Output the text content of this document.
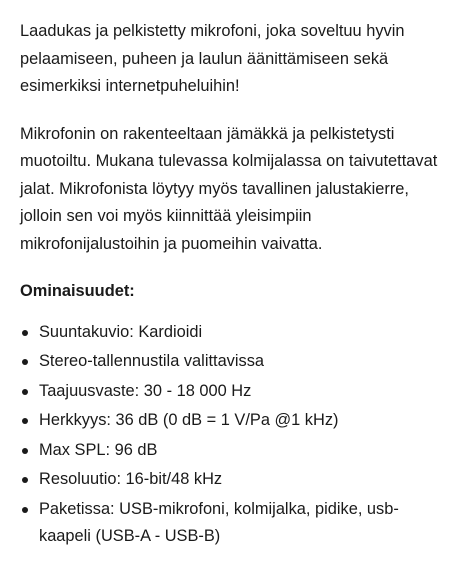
Laadukas ja pelkistetty mikrofoni, joka soveltuu hyvin pelaamiseen, puheen ja laulun äänittämiseen sekä esimerkiksi internetpuheluihin!

Mikrofonin on rakenteeltaan jämäkkä ja pelkistetysti muotoiltu. Mukana tulevassa kolmijalassa on taivutettavat jalat. Mikrofonista löytyy myös tavallinen jalustakierre, jolloin sen voi myös kiinnittää yleisimpiin mikrofonijalustoihin ja puomeihin vaivatta.

Ominaisuudet:
Suuntakuvio: Kardioidi
Stereo-tallennustila valittavissa
Taajuusvaste: 30 - 18 000 Hz
Herkkyys: 36 dB (0 dB = 1 V/Pa @1 kHz)
Max SPL: 96 dB
Resoluutio: 16-bit/48 kHz
Paketissa: USB-mikrofoni, kolmijalka, pidike, usb-kaapeli (USB-A - USB-B)
